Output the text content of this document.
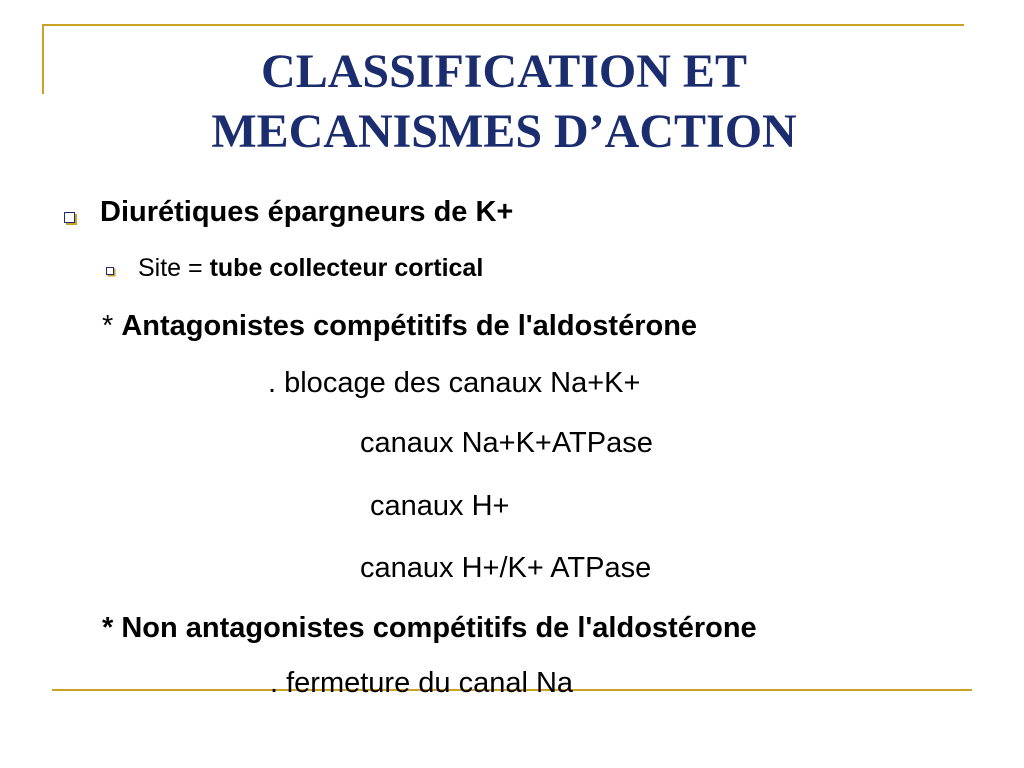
CLASSIFICATION ET
MECANISMES D’ACTION
Diurétiques épargneurs de K+
Site = tube collecteur cortical
* Antagonistes compétitifs de l'aldostérone
. blocage des canaux Na+K+
canaux Na+K+ATPase
canaux H+
canaux H+/K+ ATPase
* Non antagonistes compétitifs de l'aldostérone
. fermeture du canal Na
